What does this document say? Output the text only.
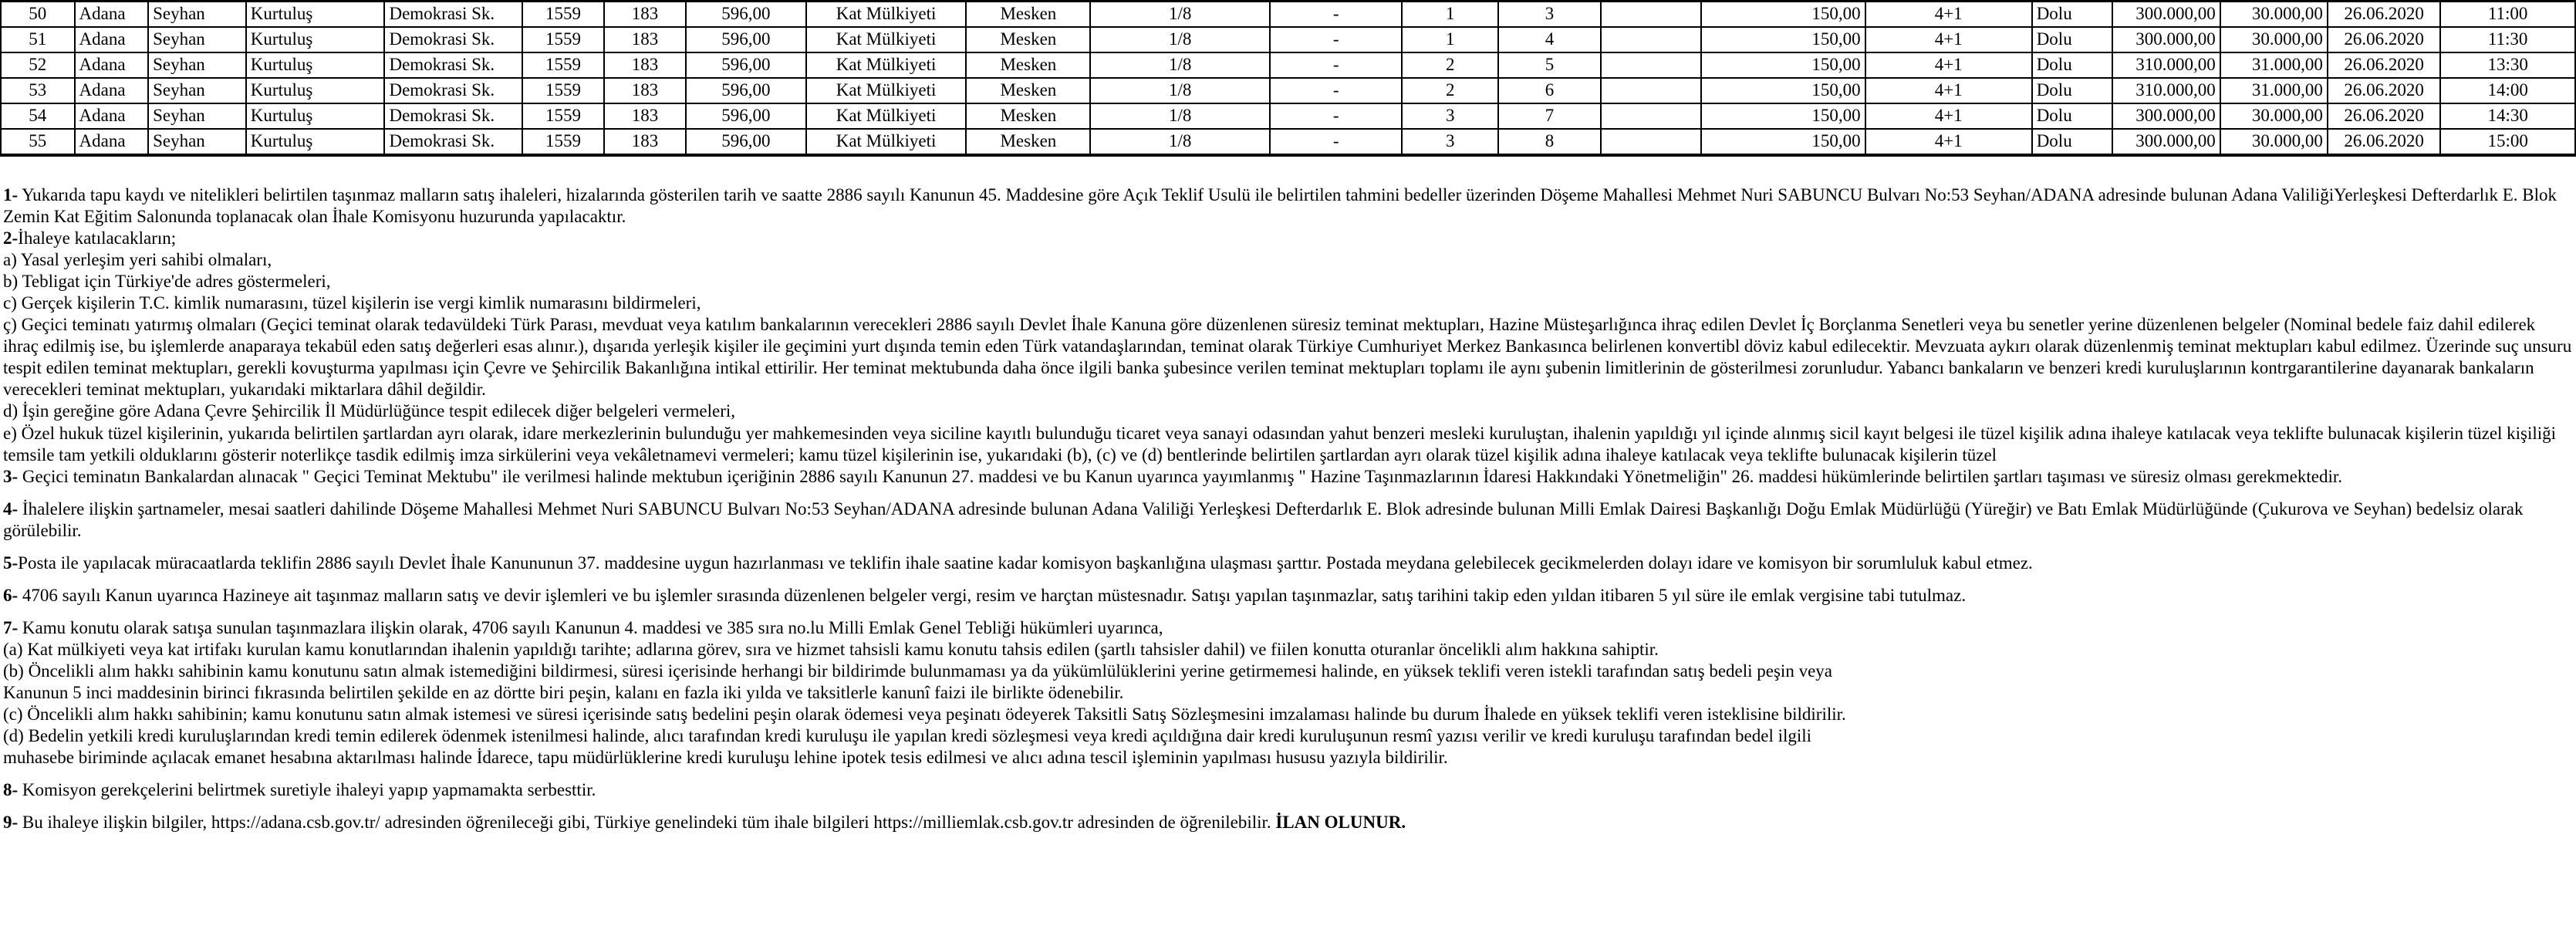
50	Adana	Seyhan	Kurtuluş	Demokrasi Sk.	1559	183	596,00	Kat Mülkiyeti	Mesken	1/8	-	1	3		150,00	4+1	Dolu	300.000,00	30.000,00	26.06.2020	11:00
51	Adana	Seyhan	Kurtuluş	Demokrasi Sk.	1559	183	596,00	Kat Mülkiyeti	Mesken	1/8	-	1	4		150,00	4+1	Dolu	300.000,00	30.000,00	26.06.2020	11:30
52	Adana	Seyhan	Kurtuluş	Demokrasi Sk.	1559	183	596,00	Kat Mülkiyeti	Mesken	1/8	-	2	5		150,00	4+1	Dolu	310.000,00	31.000,00	26.06.2020	13:30
53	Adana	Seyhan	Kurtuluş	Demokrasi Sk.	1559	183	596,00	Kat Mülkiyeti	Mesken	1/8	-	2	6		150,00	4+1	Dolu	310.000,00	31.000,00	26.06.2020	14:00
54	Adana	Seyhan	Kurtuluş	Demokrasi Sk.	1559	183	596,00	Kat Mülkiyeti	Mesken	1/8	-	3	7		150,00	4+1	Dolu	300.000,00	30.000,00	26.06.2020	14:30
55	Adana	Seyhan	Kurtuluş	Demokrasi Sk.	1559	183	596,00	Kat Mülkiyeti	Mesken	1/8	-	3	8		150,00	4+1	Dolu	300.000,00	30.000,00	26.06.2020	15:00

1- Yukarıda tapu kaydı ve nitelikleri belirtilen taşınmaz malların satış ihaleleri, hizalarında gösterilen tarih ve saatte 2886 sayılı Kanunun 45. Maddesine göre Açık Teklif Usulü ile belirtilen tahmini bedeller üzerinden Döşeme Mahallesi Mehmet Nuri SABUNCU Bulvarı No:53 Seyhan/ADANA adresinde bulunan Adana ValiliğiYerleşkesi Defterdarlık E. Blok Zemin Kat Eğitim Salonunda toplanacak olan İhale Komisyonu huzurunda yapılacaktır.

2-İhaleye katılacakların;

a) Yasal yerleşim yeri sahibi olmaları,

b) Tebligat için Türkiye'de adres göstermeleri,

c) Gerçek kişilerin T.C. kimlik numarasını, tüzel kişilerin ise vergi kimlik numarasını bildirmeleri,

ç) Geçici teminatı yatırmış olmaları (Geçici teminat olarak tedavüldeki Türk Parası, mevduat veya katılım bankalarının verecekleri 2886 sayılı Devlet İhale Kanuna göre düzenlenen süresiz teminat mektupları, Hazine Müsteşarlığınca ihraç edilen Devlet İç Borçlanma Senetleri veya bu senetler yerine düzenlenen belgeler (Nominal bedele faiz dahil edilerek ihraç edilmiş ise, bu işlemlerde anaparaya tekabül eden satış değerleri esas alınır.), dışarıda yerleşik kişiler ile geçimini yurt dışında temin eden Türk vatandaşlarından, teminat olarak Türkiye Cumhuriyet Merkez Bankasınca belirlenen konvertibl döviz kabul edilecektir. Mevzuata aykırı olarak düzenlenmiş teminat mektupları kabul edilmez. Üzerinde suç unsuru tespit edilen teminat mektupları, gerekli kovuşturma yapılması için Çevre ve Şehircilik Bakanlığına intikal ettirilir. Her teminat mektubunda daha önce ilgili banka şubesince verilen teminat mektupları toplamı ile aynı şubenin limitlerinin de gösterilmesi zorunludur. Yabancı bankaların ve benzeri kredi kuruluşlarının kontrgarantilerine dayanarak bankaların verecekleri teminat mektupları, yukarıdaki miktarlara dâhil değildir.

d) İşin gereğine göre Adana Çevre Şehircilik İl Müdürlüğünce tespit edilecek diğer belgeleri vermeleri,

e) Özel hukuk tüzel kişilerinin, yukarıda belirtilen şartlardan ayrı olarak, idare merkezlerinin bulunduğu yer mahkemesinden veya siciline kayıtlı bulunduğu ticaret veya sanayi odasından yahut benzeri mesleki kuruluştan, ihalenin yapıldığı yıl içinde alınmış sicil kayıt belgesi ile tüzel kişilik adına ihaleye katılacak veya teklifte bulunacak kişilerin tüzel kişiliği temsile tam yetkili olduklarını gösterir noterlikçe tasdik edilmiş imza sirkülerini veya vekâletnamevi vermeleri; kamu tüzel kişilerinin ise, yukarıdaki (b), (c) ve (d) bentlerinde belirtilen şartlardan ayrı olarak tüzel kişilik adına ihaleye katılacak veya teklifte bulunacak kişilerin tüzel

3- Geçici teminatın Bankalardan alınacak " Geçici Teminat Mektubu" ile verilmesi halinde mektubun içeriğinin 2886 sayılı Kanunun 27. maddesi ve bu Kanun uyarınca yayımlanmış " Hazine Taşınmazlarının İdaresi Hakkındaki Yönetmeliğin" 26. maddesi hükümlerinde belirtilen şartları taşıması ve süresiz olması gerekmektedir.

4- İhalelere ilişkin şartnameler, mesai saatleri dahilinde Döşeme Mahallesi Mehmet Nuri SABUNCU Bulvarı No:53 Seyhan/ADANA adresinde bulunan Adana Valiliği Yerleşkesi Defterdarlık E. Blok adresinde bulunan Milli Emlak Dairesi Başkanlığı Doğu Emlak Müdürlüğü (Yüreğir) ve Batı Emlak Müdürlüğünde (Çukurova ve Seyhan) bedelsiz olarak görülebilir.

5-Posta ile yapılacak müracaatlarda teklifin 2886 sayılı Devlet İhale Kanununun 37. maddesine uygun hazırlanması ve teklifin ihale saatine kadar komisyon başkanlığına ulaşması şarttır. Postada meydana gelebilecek gecikmelerden dolayı idare ve komisyon bir sorumluluk kabul etmez.

6- 4706 sayılı Kanun uyarınca Hazineye ait taşınmaz malların satış ve devir işlemleri ve bu işlemler sırasında düzenlenen belgeler vergi, resim ve harçtan müstesnadır. Satışı yapılan taşınmazlar, satış tarihini takip eden yıldan itibaren 5 yıl süre ile emlak vergisine tabi tutulmaz.

7- Kamu konutu olarak satışa sunulan taşınmazlara ilişkin olarak, 4706 sayılı Kanunun 4. maddesi ve 385 sıra no.lu Milli Emlak Genel Tebliği hükümleri uyarınca,

(a) Kat mülkiyeti veya kat irtifakı kurulan kamu konutlarından ihalenin yapıldığı tarihte; adlarına görev, sıra ve hizmet tahsisli kamu konutu tahsis edilen (şartlı tahsisler dahil) ve fiilen konutta oturanlar öncelikli alım hakkına sahiptir.

(b) Öncelikli alım hakkı sahibinin kamu konutunu satın almak istemediğini bildirmesi, süresi içerisinde herhangi bir bildirimde bulunmaması ya da yükümlülüklerini yerine getirmemesi halinde, en yüksek teklifi veren istekli tarafından satış bedeli peşin veya

Kanunun 5 inci maddesinin birinci fıkrasında belirtilen şekilde en az dörtte biri peşin, kalanı en fazla iki yılda ve taksitlerle kanunî faizi ile birlikte ödenebilir.

(c) Öncelikli alım hakkı sahibinin; kamu konutunu satın almak istemesi ve süresi içerisinde satış bedelini peşin olarak ödemesi veya peşinatı ödeyerek Taksitli Satış Sözleşmesini imzalaması halinde bu durum İhalede en yüksek teklifi veren isteklisine bildirilir.

(d) Bedelin yetkili kredi kuruluşlarından kredi temin edilerek ödenmek istenilmesi halinde, alıcı tarafından kredi kuruluşu ile yapılan kredi sözleşmesi veya kredi açıldığına dair kredi kuruluşunun resmî yazısı verilir ve kredi kuruluşu tarafından bedel ilgili

muhasebe biriminde açılacak emanet hesabına aktarılması halinde İdarece, tapu müdürlüklerine kredi kuruluşu lehine ipotek tesis edilmesi ve alıcı adına tescil işleminin yapılması hususu yazıyla bildirilir.

8- Komisyon gerekçelerini belirtmek suretiyle ihaleyi yapıp yapmamakta serbesttir.

9- Bu ihaleye ilişkin bilgiler, https://adana.csb.gov.tr/ adresinden öğrenileceği gibi, Türkiye genelindeki tüm ihale bilgileri https://milliemlak.csb.gov.tr adresinden de öğrenilebilir. İLAN OLUNUR.
